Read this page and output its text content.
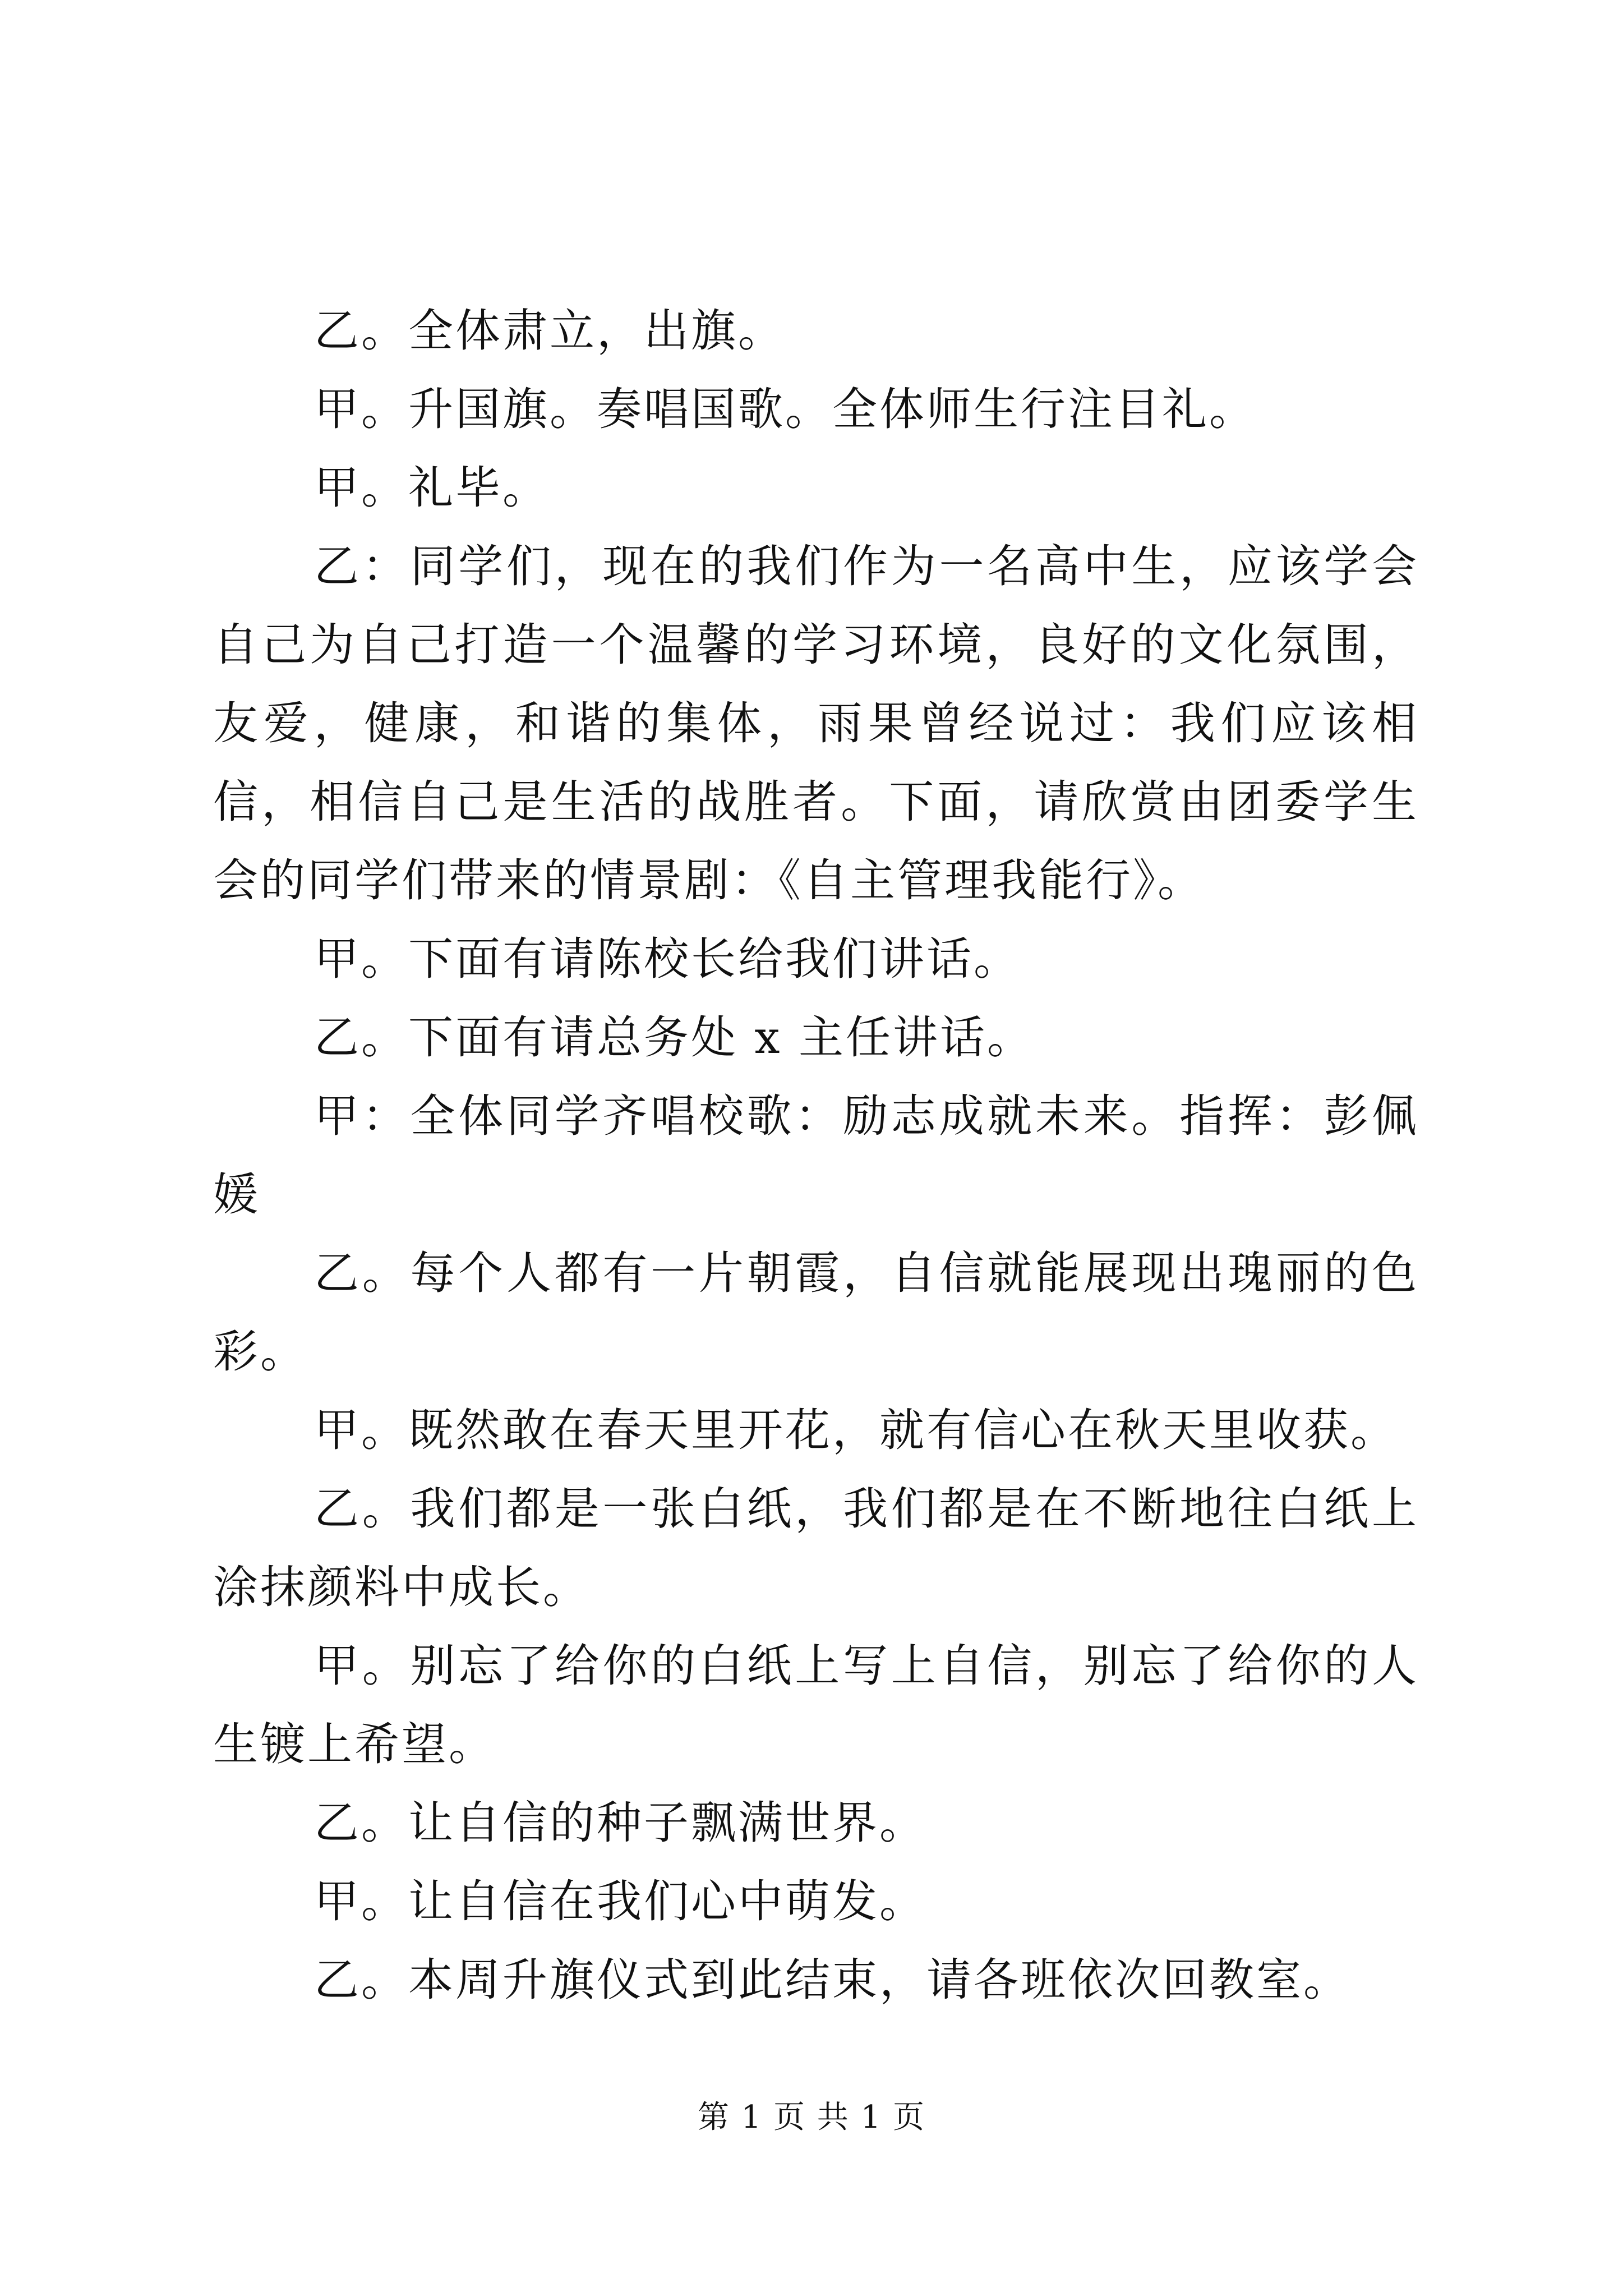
乙。全体肃立，出旗。

甲。升国旗。奏唱国歌。全体师生行注目礼。

甲。礼毕。

乙：同学们，现在的我们作为一名高中生，应该学会自己为自己打造一个温馨的学习环境，良好的文化氛围，友爱，健康，和谐的集体，雨果曾经说过：我们应该相信，相信自己是生活的战胜者。下面，请欣赏由团委学生会的同学们带来的情景剧：《自主管理我能行》。

甲。下面有请陈校长给我们讲话。

乙。下面有请总务处 x 主任讲话。

甲：全体同学齐唱校歌：励志成就未来。指挥：彭佩媛

乙。每个人都有一片朝霞，自信就能展现出瑰丽的色彩。

甲。既然敢在春天里开花，就有信心在秋天里收获。

乙。我们都是一张白纸，我们都是在不断地往白纸上涂抹颜料中成长。

甲。别忘了给你的白纸上写上自信，别忘了给你的人生镀上希望。

乙。让自信的种子飘满世界。

甲。让自信在我们心中萌发。

乙。本周升旗仪式到此结束，请各班依次回教室。

第 1 页 共 1 页
